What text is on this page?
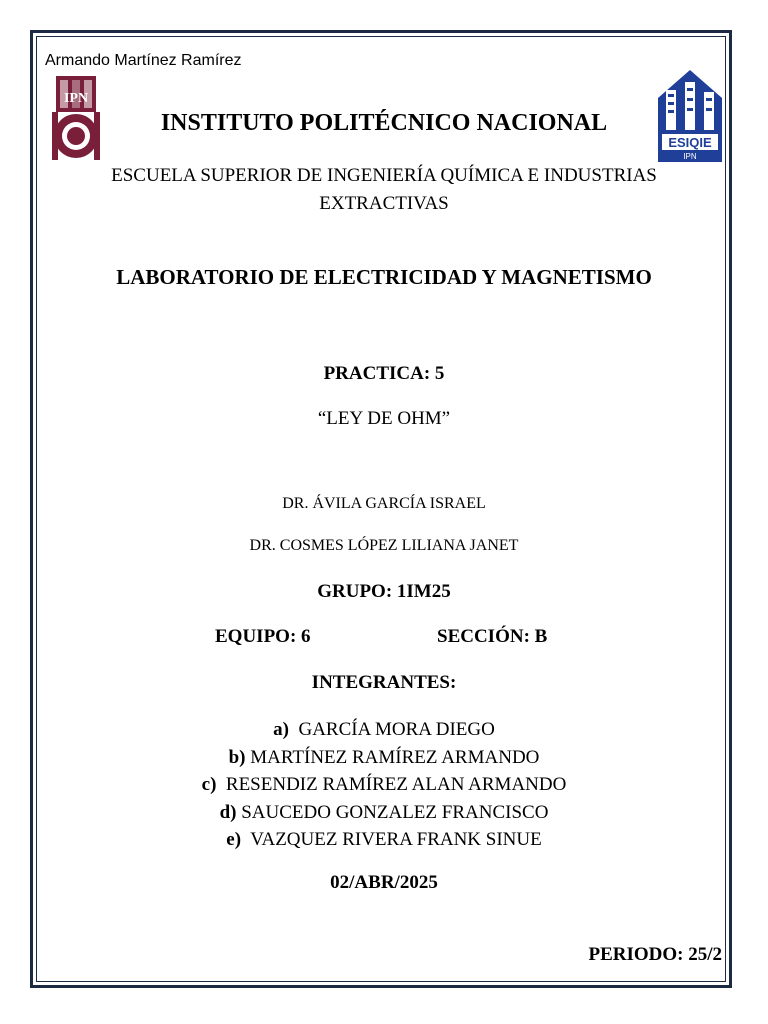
Armando Martínez Ramírez
IPN
ESIQIE
IPN
INSTITUTO POLITÉCNICO NACIONAL
ESCUELA SUPERIOR DE INGENIERÍA QUÍMICA E INDUSTRIAS
EXTRACTIVAS
LABORATORIO DE ELECTRICIDAD Y MAGNETISMO
PRACTICA: 5
“LEY DE OHM”
DR. ÁVILA GARCÍA ISRAEL
DR. COSMES LÓPEZ LILIANA JANET
GRUPO: 1IM25
EQUIPO: 6	SECCIÓN: B
INTEGRANTES:
a) GARCÍA MORA DIEGO
b) MARTÍNEZ RAMÍREZ ARMANDO
c) RESENDIZ RAMÍREZ ALAN ARMANDO
d) SAUCEDO GONZALEZ FRANCISCO
e) VAZQUEZ RIVERA FRANK SINUE
02/ABR/2025
PERIODO: 25/2
